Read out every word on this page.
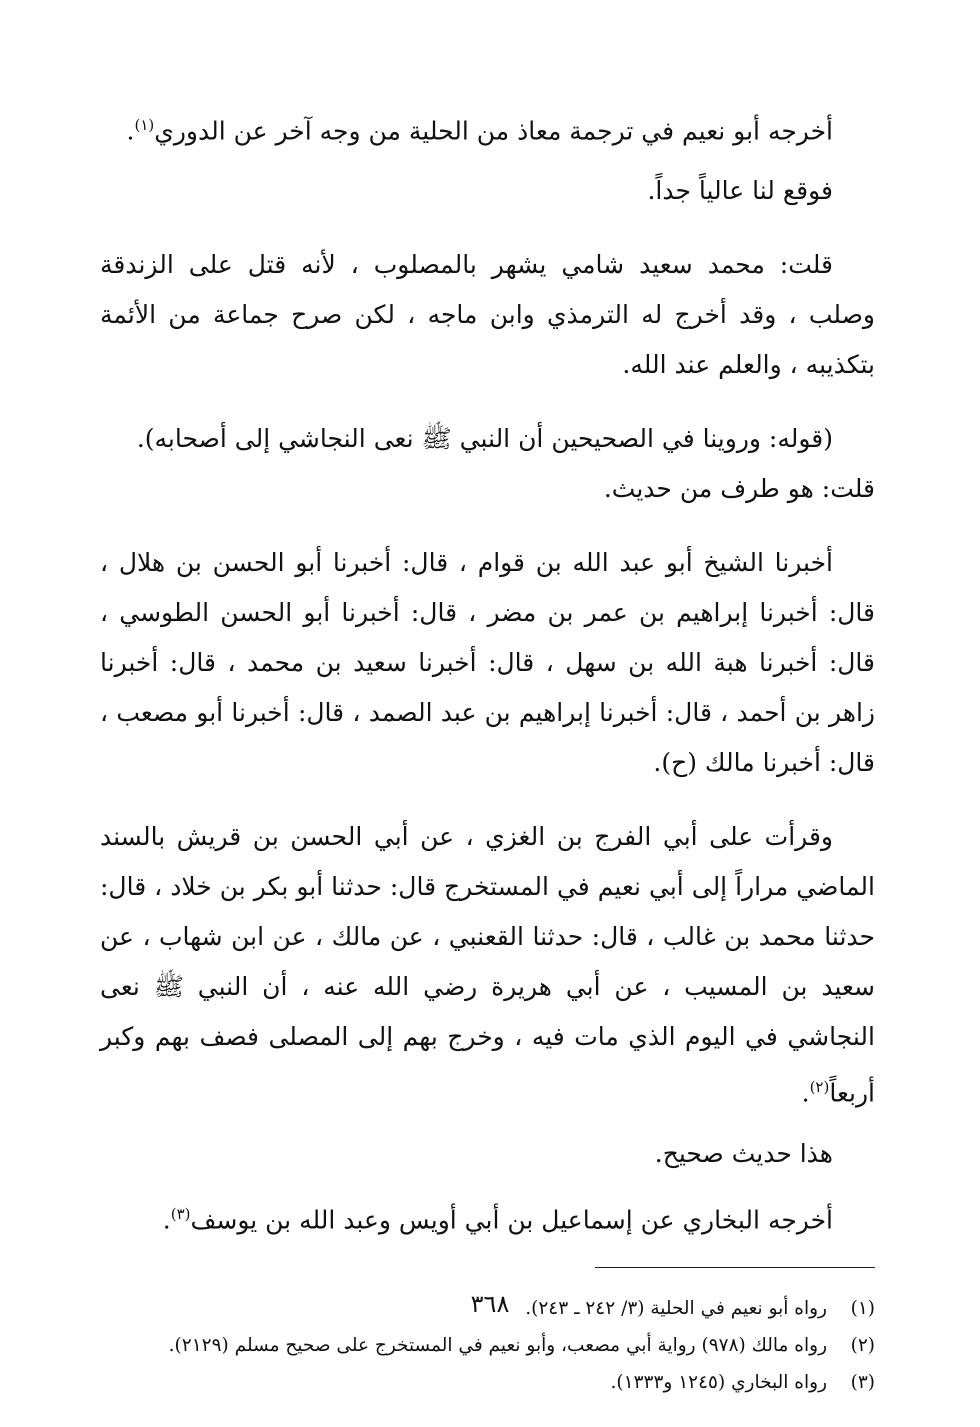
أخرجه أبو نعيم في ترجمة معاذ من الحلية من وجه آخر عن الدوري$^{(١)}$.
فوقع لنا عالياً جداً.
قلت: محمد سعيد شامي يشهر بالمصلوب ، لأنه قتل على الزندقة وصلب ، وقد أخرج له الترمذي وابن ماجه ، لكن صرح جماعة من الأئمة بتكذيبه ، والعلم عند الله.
(قوله: وروينا في الصحيحين أن النبي ﷺ نعى النجاشي إلى أصحابه).
قلت: هو طرف من حديث.
أخبرنا الشيخ أبو عبد الله بن قوام ، قال: أخبرنا أبو الحسن بن هلال ، قال: أخبرنا إبراهيم بن عمر بن مضر ، قال: أخبرنا أبو الحسن الطوسي ، قال: أخبرنا هبة الله بن سهل ، قال: أخبرنا سعيد بن محمد ، قال: أخبرنا زاهر بن أحمد ، قال: أخبرنا إبراهيم بن عبد الصمد ، قال: أخبرنا أبو مصعب ، قال: أخبرنا مالك (ح).
وقرأت على أبي الفرج بن الغزي ، عن أبي الحسن بن قريش بالسند الماضي مراراً إلى أبي نعيم في المستخرج قال: حدثنا أبو بكر بن خلاد ، قال: حدثنا محمد بن غالب ، قال: حدثنا القعنبي ، عن مالك ، عن ابن شهاب ، عن سعيد بن المسيب ، عن أبي هريرة رضي الله عنه ، أن النبي ﷺ نعى النجاشي في اليوم الذي مات فيه ، وخرج بهم إلى المصلى فصف بهم وكبر أربعاً$^{(٢)}$.
هذا حديث صحيح.
أخرجه البخاري عن إسماعيل بن أبي أويس وعبد الله بن يوسف$^{(٣)}$.
(١)
رواه أبو نعيم في الحلية (٣/ ٢٤٢ ـ ٢٤٣).
(٢)
رواه مالك (٩٧٨) رواية أبي مصعب، وأبو نعيم في المستخرج على صحيح مسلم (٢١٢٩).
(٣)
رواه البخاري (١٢٤٥ و١٣٣٣).
٣٦٨
